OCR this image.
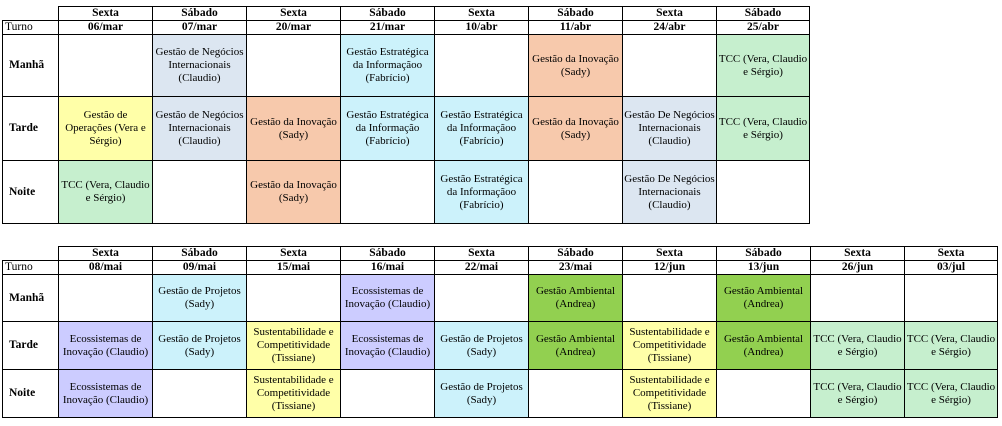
	Sexta	Sábado	Sexta	Sábado	Sexta	Sábado	Sexta	Sábado
Turno	06/mar	07/mar	20/mar	21/mar	10/abr	11/abr	24/abr	25/abr
Manhã		Gestão de Negócios Internacionais (Claudio)		Gestão Estratégica da Informaçãoo (Fabrício)		Gestão da Inovação (Sady)		TCC (Vera, Claudio e Sérgio)
Tarde	Gestão de Operações (Vera e Sérgio)	Gestão de Negócios Internacionais (Claudio)	Gestão da Inovação (Sady)	Gestão Estratégica da Informação (Fabrício)	Gestão Estratégica da Informaçãoo (Fabrício)	Gestão da Inovação (Sady)	Gestão De Negócios Internacionais (Claudio)	TCC (Vera, Claudio e Sérgio)
Noite	TCC (Vera, Claudio e Sérgio)		Gestão da Inovação (Sady)		Gestão Estratégica da Informaçãoo (Fabrício)		Gestão De Negócios Internacionais (Claudio)	
	Sexta	Sábado	Sexta	Sábado	Sexta	Sábado	Sexta	Sábado	Sexta	Sexta
Turno	08/mai	09/mai	15/mai	16/mai	22/mai	23/mai	12/jun	13/jun	26/jun	03/jul
Manhã		Gestão de Projetos (Sady)		Ecossistemas de Inovação (Claudio)		Gestão Ambiental (Andrea)		Gestão Ambiental (Andrea)		
Tarde	Ecossistemas de Inovação (Claudio)	Gestão de Projetos (Sady)	Sustentabilidade e Competitividade (Tissiane)	Ecossistemas de Inovação (Claudio)	Gestão de Projetos (Sady)	Gestão Ambiental (Andrea)	Sustentabilidade e Competitividade (Tissiane)	Gestão Ambiental (Andrea)	TCC (Vera, Claudio e Sérgio)	TCC (Vera, Claudio e Sérgio)
Noite	Ecossistemas de Inovação (Claudio)		Sustentabilidade e Competitividade (Tissiane)		Gestão de Projetos (Sady)		Sustentabilidade e Competitividade (Tissiane)		TCC (Vera, Claudio e Sérgio)	TCC (Vera, Claudio e Sérgio)
